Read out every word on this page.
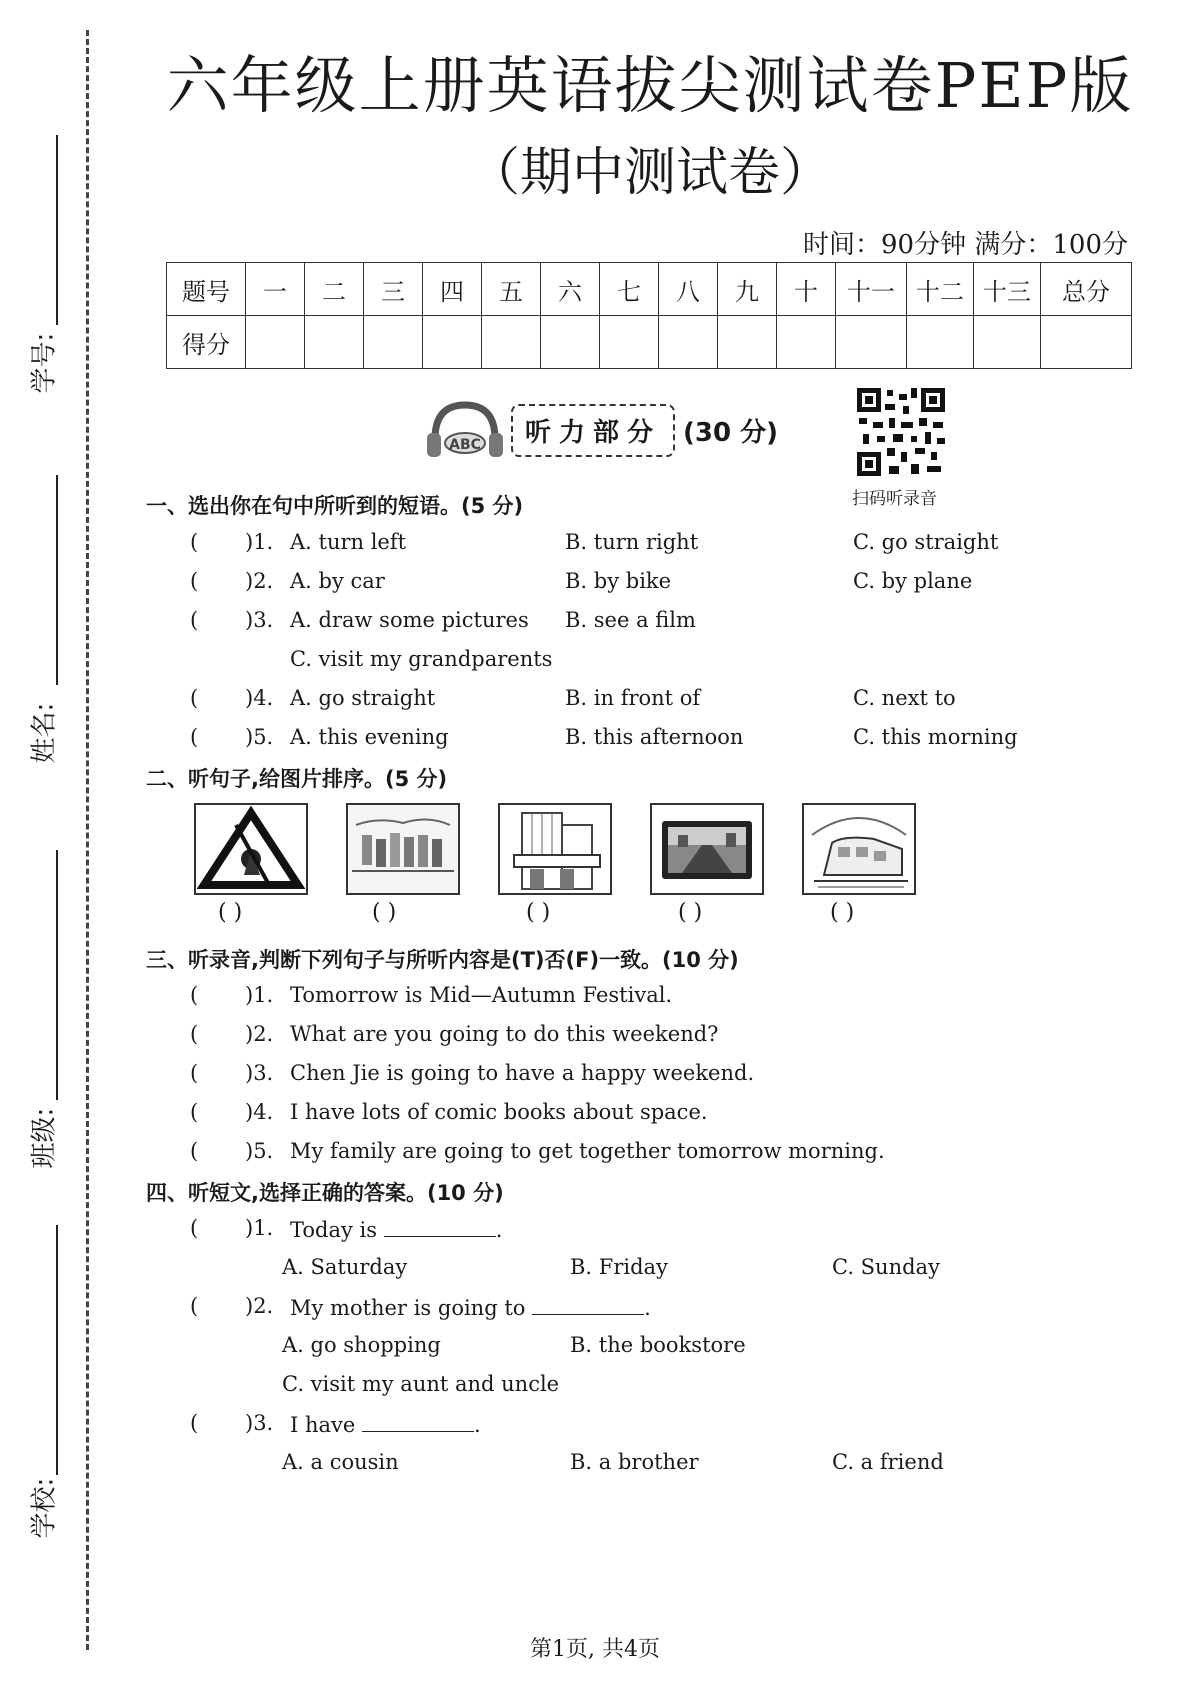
学号:
姓名:
班级:
学校:
六年级上册英语拔尖测试卷PEP版
（期中测试卷）
时间：90分钟 满分：100分
题号	一	二	三	四	五	六	七	八	九	十	十一	十二	十三	总分
得分														
ABC	听力部分 (30 分)
扫码听录音
一、选出你在句中所听到的短语。(5 分)
( )1. A. turn left	B. turn right	C. go straight
( )2. A. by car	B. by bike	C. by plane
( )3. A. draw some pictures B. see a film
C. visit my grandparents
( )4. A. go straight	B. in front of	C. next to
( )5. A. this evening	B. this afternoon	C. this morning
二、听句子,给图片排序。(5 分)
( )	( )	( )	( )	( )
三、听录音,判断下列句子与所听内容是(T)否(F)一致。(10 分)
( )1. Tomorrow is Mid—Autumn Festival.
( )2. What are you going to do this weekend?
( )3. Chen Jie is going to have a happy weekend.
( )4. I have lots of comic books about space.
( )5. My family are going to get together tomorrow morning.
四、听短文,选择正确的答案。(10 分)
( )1. Today is	.
A. Saturday	B. Friday	C. Sunday
( )2. My mother is going to	.
A. go shopping	B. the bookstore
C. visit my aunt and uncle
( )3. I have	.
A. a cousin	B. a brother	C. a friend
第1页, 共4页
